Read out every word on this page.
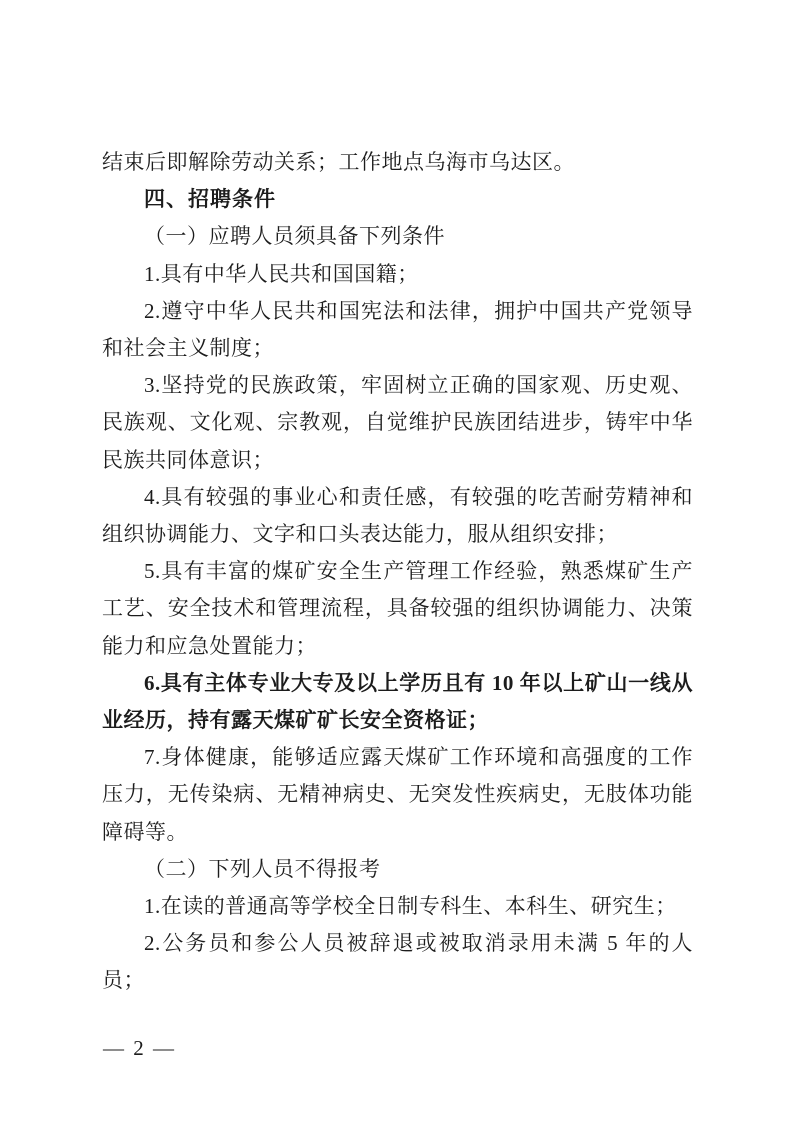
结束后即解除劳动关系；工作地点乌海市乌达区。

四、招聘条件

（一）应聘人员须具备下列条件

1.具有中华人民共和国国籍；

2.遵守中华人民共和国宪法和法律，拥护中国共产党领导和社会主义制度；

3.坚持党的民族政策，牢固树立正确的国家观、历史观、民族观、文化观、宗教观，自觉维护民族团结进步，铸牢中华民族共同体意识；

4.具有较强的事业心和责任感，有较强的吃苦耐劳精神和组织协调能力、文字和口头表达能力，服从组织安排；

5.具有丰富的煤矿安全生产管理工作经验，熟悉煤矿生产工艺、安全技术和管理流程，具备较强的组织协调能力、决策能力和应急处置能力；

6.具有主体专业大专及以上学历且有 10 年以上矿山一线从业经历，持有露天煤矿矿长安全资格证；

7.身体健康，能够适应露天煤矿工作环境和高强度的工作压力，无传染病、无精神病史、无突发性疾病史，无肢体功能障碍等。

（二）下列人员不得报考

1.在读的普通高等学校全日制专科生、本科生、研究生；

2.公务员和参公人员被辞退或被取消录用未满 5 年的人员；

— 2 —
